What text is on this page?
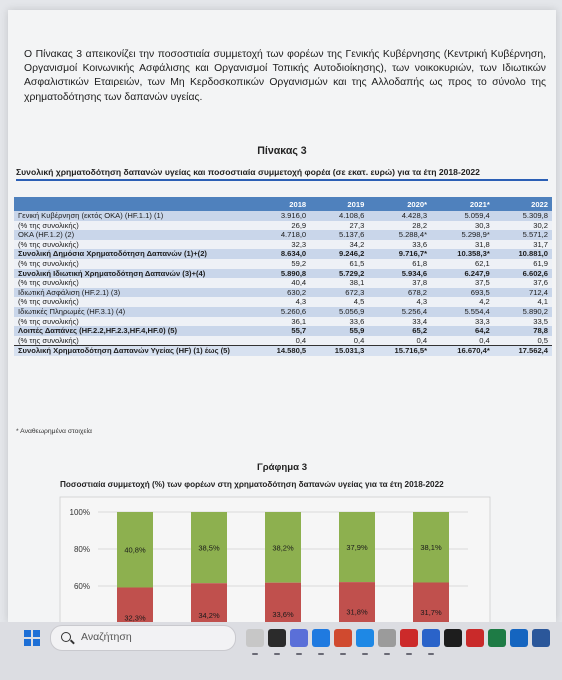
Ο Πίνακας 3 απεικονίζει την ποσοστιαία συμμετοχή των φορέων της Γενικής Κυβέρνησης (Κεντρική Κυβέρνηση, Οργανισμοί Κοινωνικής Ασφάλισης και Οργανισμοί Τοπικής Αυτοδιοίκησης), των νοικοκυριών, των Ιδιωτικών Ασφαλιστικών Εταιρειών, των Μη Κερδοσκοπικών Οργανισμών και της Αλλοδαπής ως προς το σύνολο της χρηματοδότησης των δαπανών υγείας.
Πίνακας 3
Συνολική χρηματοδότηση δαπανών υγείας και ποσοστιαία συμμετοχή φορέα (σε εκατ. ευρώ) για τα έτη 2018-2022
	2018	2019	2020*	2021*	2022
Γενική Κυβέρνηση (εκτός ΟΚΑ) (HF.1.1) (1)	3.916,0	4.108,6	4.428,3	5.059,4	5.309,8
(% της συνολικής)	26,9	27,3	28,2	30,3	30,2
ΟΚΑ (HF.1.2) (2)	4.718,0	5.137,6	5.288,4*	5.298,9*	5.571,2
(% της συνολικής)	32,3	34,2	33,6	31,8	31,7
Συνολική Δημόσια Χρηματοδότηση Δαπανών (1)+(2)	8.634,0	9.246,2	9.716,7*	10.358,3*	10.881,0
(% της συνολικής)	59,2	61,5	61,8	62,1	61,9
Συνολική Ιδιωτική Χρηματοδότηση Δαπανών (3)+(4)	5.890,8	5.729,2	5.934,6	6.247,9	6.602,6
(% της συνολικής)	40,4	38,1	37,8	37,5	37,6
Ιδιωτική Ασφάλιση (HF.2.1) (3)	630,2	672,3	678,2	693,5	712,4
(% της συνολικής)	4,3	4,5	4,3	4,2	4,1
Ιδιωτικές Πληρωμές (HF.3.1) (4)	5.260,6	5.056,9	5.256,4	5.554,4	5.890,2
(% της συνολικής)	36,1	33,6	33,4	33,3	33,5
Λοιπές Δαπάνες (HF.2.2,HF.2.3,HF.4,HF.0) (5)	55,7	55,9	65,2	64,2	78,8
(% της συνολικής)	0,4	0,4	0,4	0,4	0,5
Συνολική Χρηματοδότηση Δαπανών Υγείας (HF) (1) έως (5)	14.580,5	15.031,3	15.716,5*	16.670,4*	17.562,4
* Αναθεωρημένα στοιχεία
Γράφημα 3
Ποσοστιαία συμμετοχή (%) των φορέων στη χρηματοδότηση δαπανών υγείας για τα έτη 2018-2022
100%
80%
60%
40,8%
32,3%
38,5%
34,2%
38,2%
33,6%
37,9%
31,8%
38,1%
31,7%
Αναζήτηση
